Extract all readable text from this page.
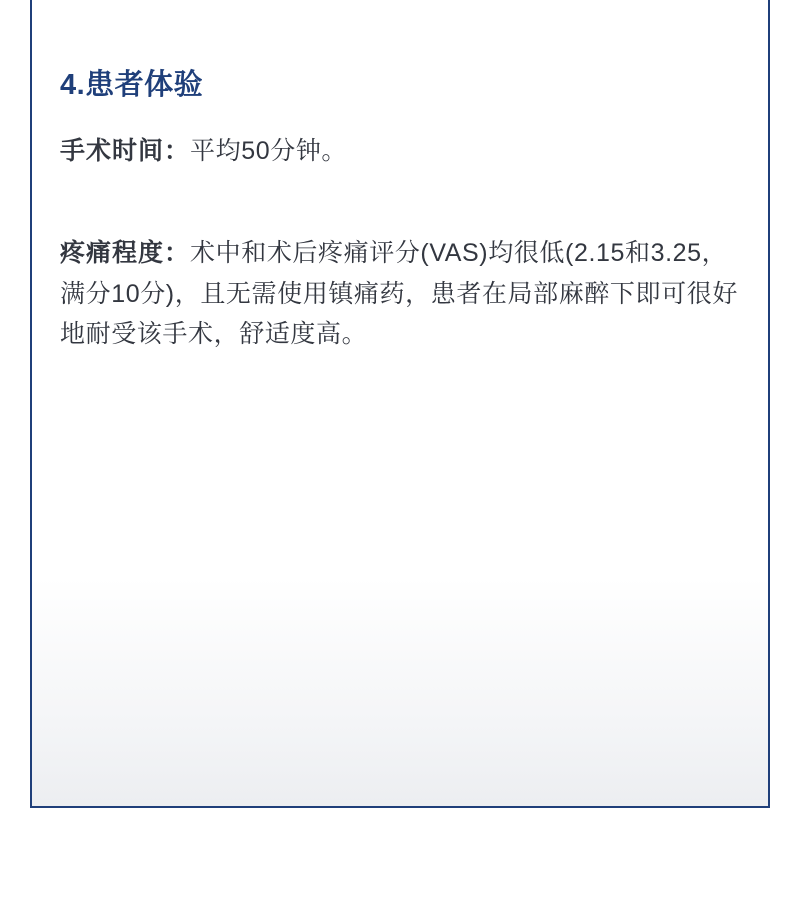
4.患者体验

手术时间：平均50分钟。

疼痛程度：术中和术后疼痛评分(VAS)均很低(2.15和3.25，满分10分)，且无需使用镇痛药，患者在局部麻醉下即可很好地耐受该手术，舒适度高。
